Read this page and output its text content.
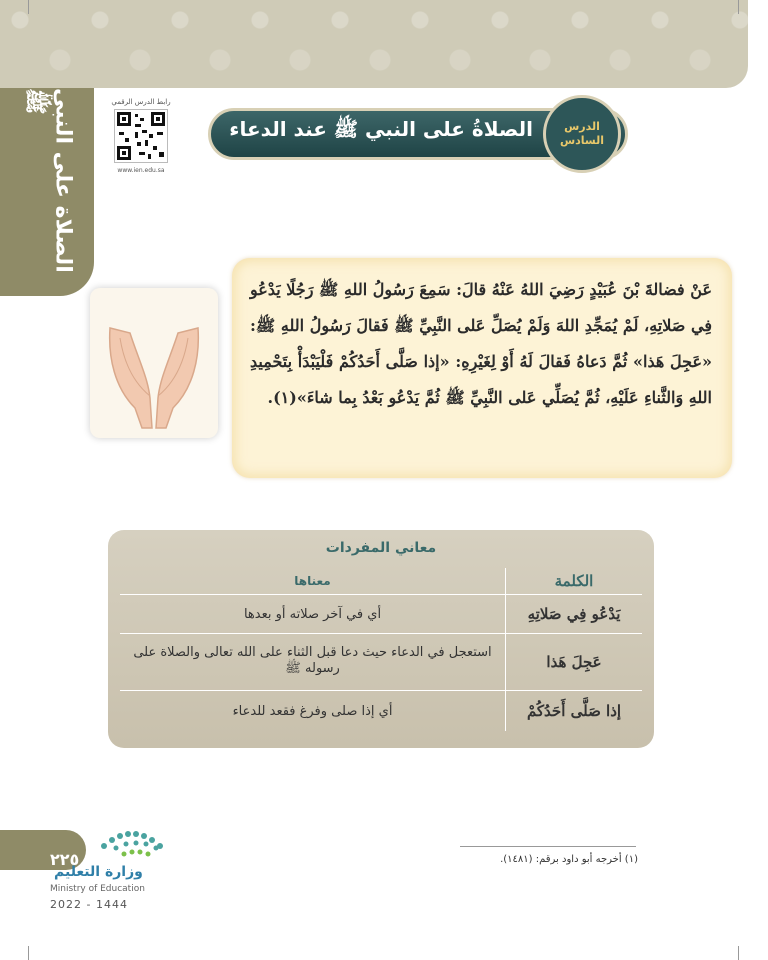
الصلاة على النبي ﷺ	رابط الدرس الرقمي
www.ien.edu.sa
الصلاةُ على النبي ﷺ عند الدعاء	الدرس
السادس
عَنْ فضالةَ بْنَ عُبَيْدٍ رَضِيَ اللهُ عَنْهُ قالَ: سَمِعَ رَسُولُ اللهِ ﷺ رَجُلًا يَدْعُو فِي صَلاتِهِ، لَمْ يُمَجِّدِ اللهَ وَلَمْ يُصَلِّ عَلى النَّبِيِّ ﷺ فَقالَ رَسُولُ اللهِ ﷺ: «عَجِلَ هَذا» ثُمَّ دَعاهُ فَقالَ لَهُ أَوْ لِغَيْرِهِ: «إذا صَلَّى أَحَدُكُمْ فَلْيَبْدَأْ بِتَحْمِيدِ اللهِ وَالثَّناءِ عَلَيْهِ، ثُمَّ يُصَلِّي عَلى النَّبِيِّ ﷺ ثُمَّ يَدْعُو بَعْدُ بِما شاءَ»(١).
معاني المفردات
الكلمة	معناها
يَدْعُو فِي صَلاتِهِ	أي في آخر صلاته أو بعدها
عَجِلَ هَذا	استعجل في الدعاء حيث دعا قبل الثناء على الله تعالى والصلاة على رسوله ﷺ
إذا صَلَّى أَحَدُكُمْ	أي إذا صلى وفرغ فقعد للدعاء
(١) أخرجه أبو داود برقم: (١٤٨١).
٢٢٥
وزارة التعليم
Ministry of Education
2022 - 1444
